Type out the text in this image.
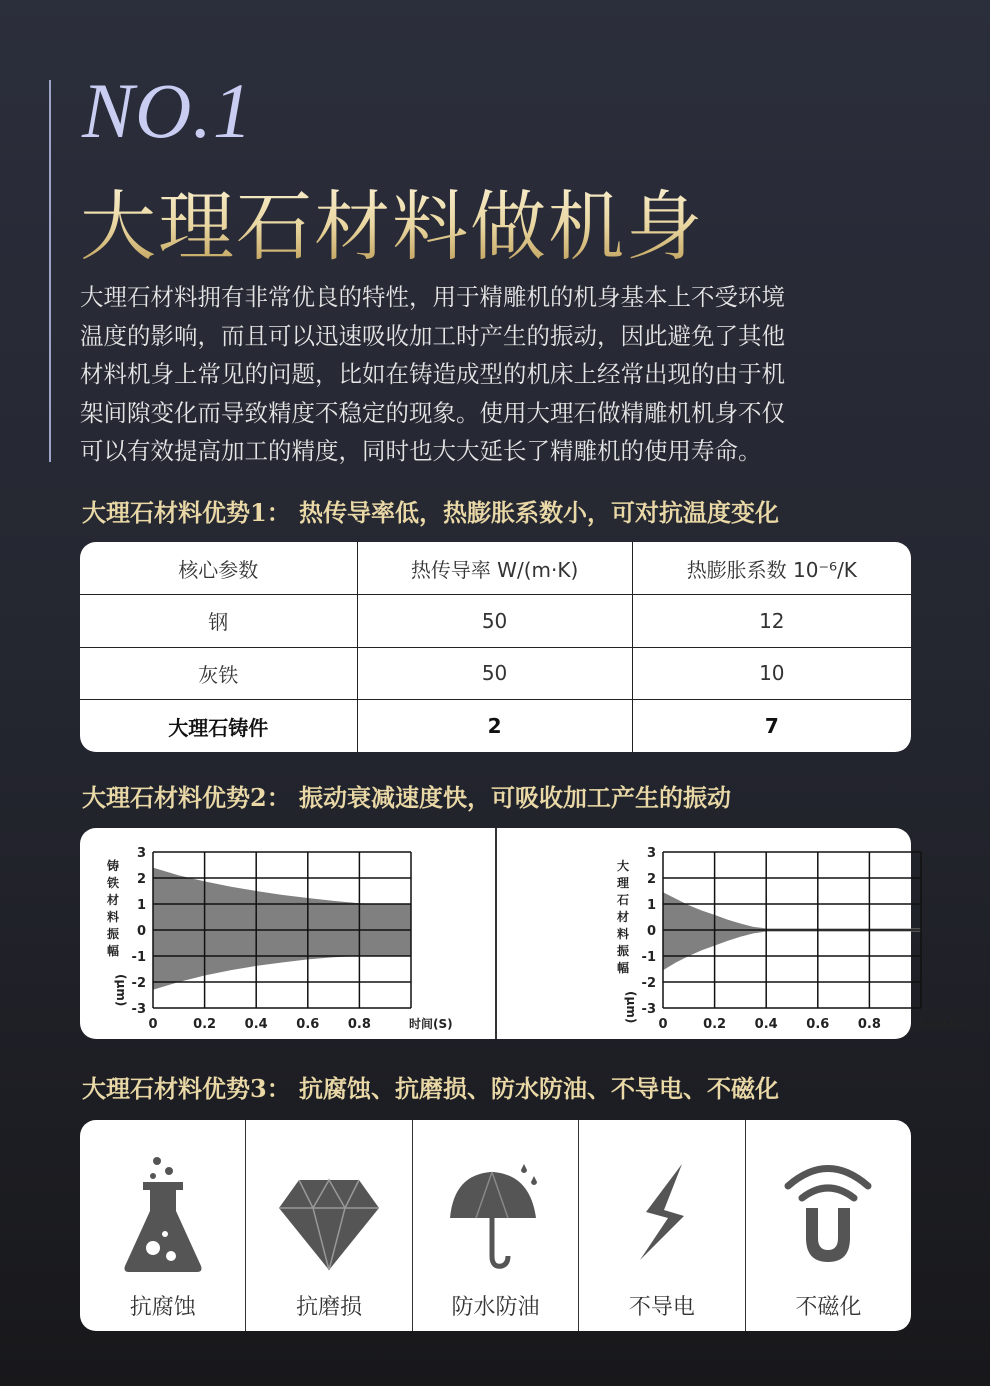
NO.1
大理石材料做机身
大理石材料拥有非常优良的特性，用于精雕机的机身基本上不受环境
温度的影响，而且可以迅速吸收加工时产生的振动，因此避免了其他
材料机身上常见的问题，比如在铸造成型的机床上经常出现的由于机
架间隙变化而导致精度不稳定的现象。使用大理石做精雕机机身不仅
可以有效提高加工的精度，同时也大大延长了精雕机的使用寿命。
大理石材料优势1： 热传导率低，热膨胀系数小，可对抗温度变化
核心参数	热传导率 W/(m·K)	热膨胀系数 10⁻⁶/K
钢	50	12
灰铁	50	10
大理石铸件	2	7
大理石材料优势2： 振动衰减速度快，可吸收加工产生的振动
3
2
1
0
-1
-2
-3
0	0.2 0.4 0.6 0.8	时间(S)
铸
铁
材
料
振
幅
(μm)
3
2
1
0
-1
-2
-3
0	0.2 0.4 0.6 0.8	时间(S)
大
理
石
材
料
振
幅
(μm)
大理石材料优势3： 抗腐蚀、抗磨损、防水防油、不导电、不磁化
抗腐蚀	抗磨损	防水防油	不导电	不磁化
